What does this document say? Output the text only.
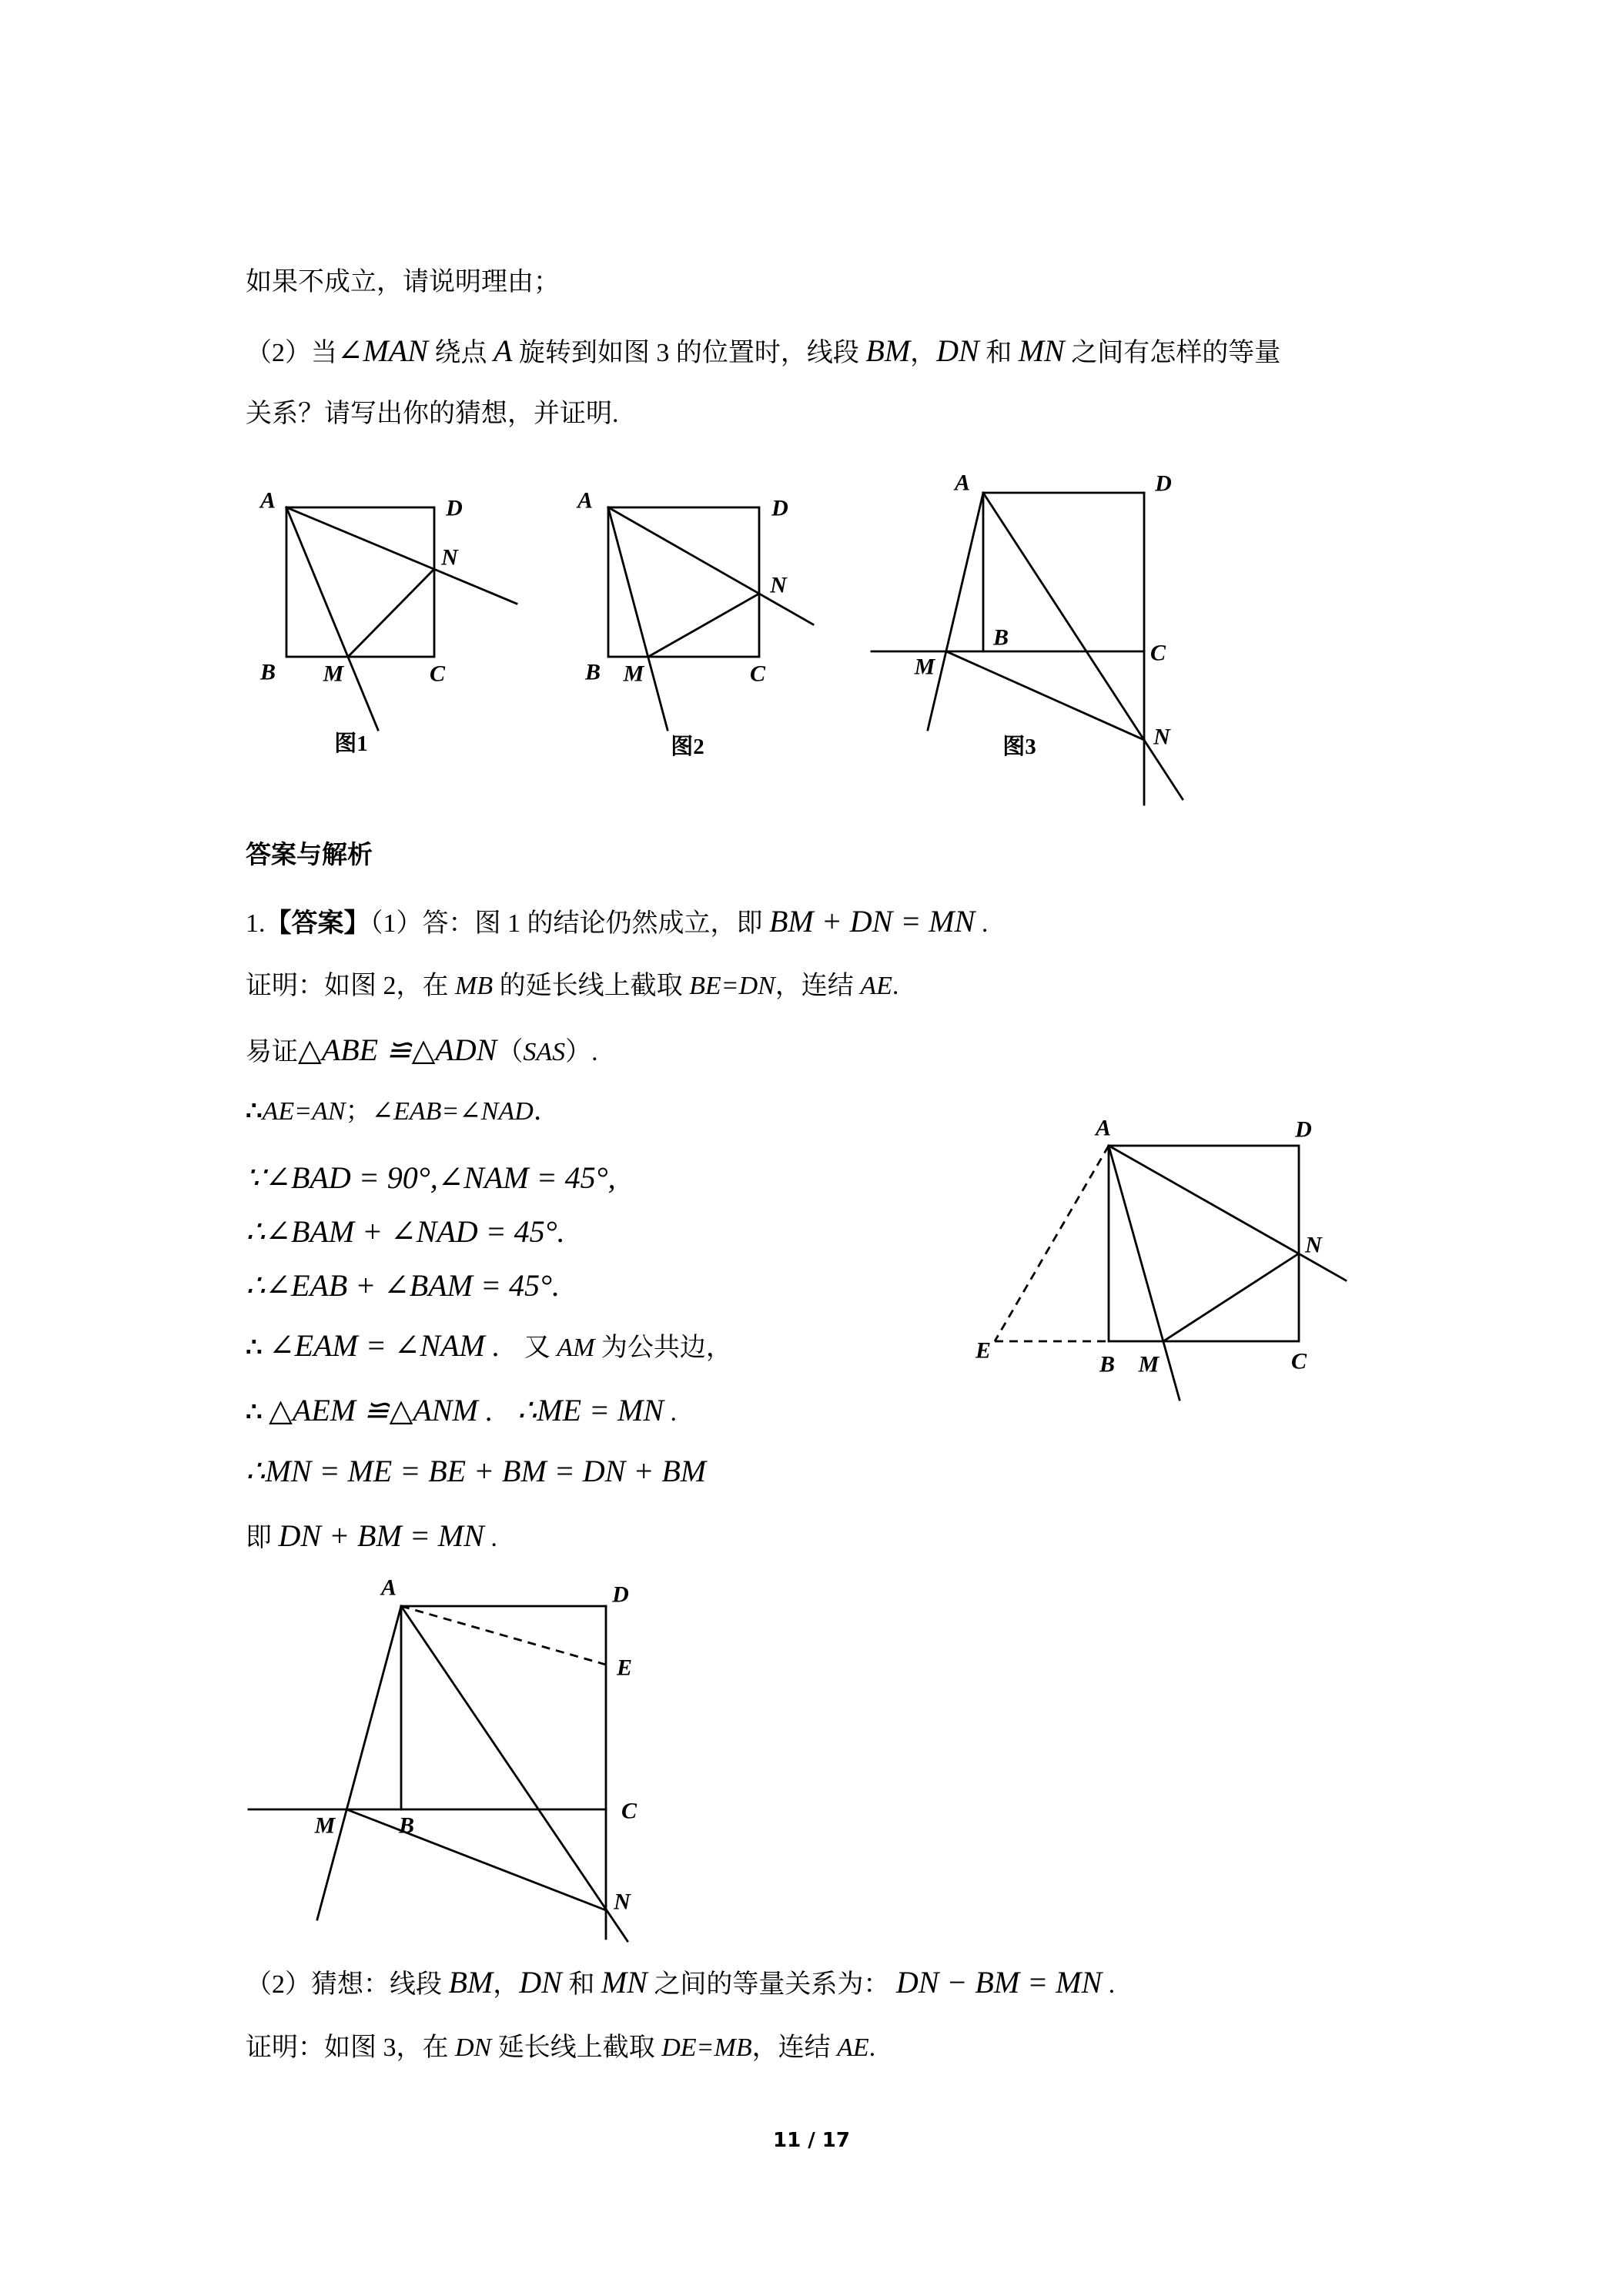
如果不成立，请说明理由；
（2）当∠MAN 绕点 A 旋转到如图 3 的位置时，线段 BM，DN 和 MN 之间有怎样的等量
关系？请写出你的猜想，并证明.
答案与解析
1.【答案】（1）答：图 1 的结论仍然成立，即 BM + DN = MN .
证明：如图 2，在 MB 的延长线上截取 BE=DN，连结 AE.
易证△ABE ≌△ADN（SAS）.
∴AE=AN；∠EAB=∠NAD．
∵∠BAD = 90°,∠NAM = 45°,
∴∠BAM + ∠NAD = 45°.
∴∠EAB + ∠BAM = 45°.
∴ ∠EAM = ∠NAM ． 又 AM 为公共边，
∴ △AEM ≌△ANM ． ∴ME = MN .
∴MN = ME = BE + BM = DN + BM
即 DN + BM = MN .
（2）猜想：线段 BM，DN 和 MN 之间的等量关系为： DN − BM = MN .
证明：如图 3，在 DN 延长线上截取 DE=MB，连结 AE.
11 / 17
A	D
N
B M	C
图1
A	D
N
B M	C
图2
A	D
B
C
M
N
图3
A	D
N
E
B M	C
A	D
E
C
M	B
N
